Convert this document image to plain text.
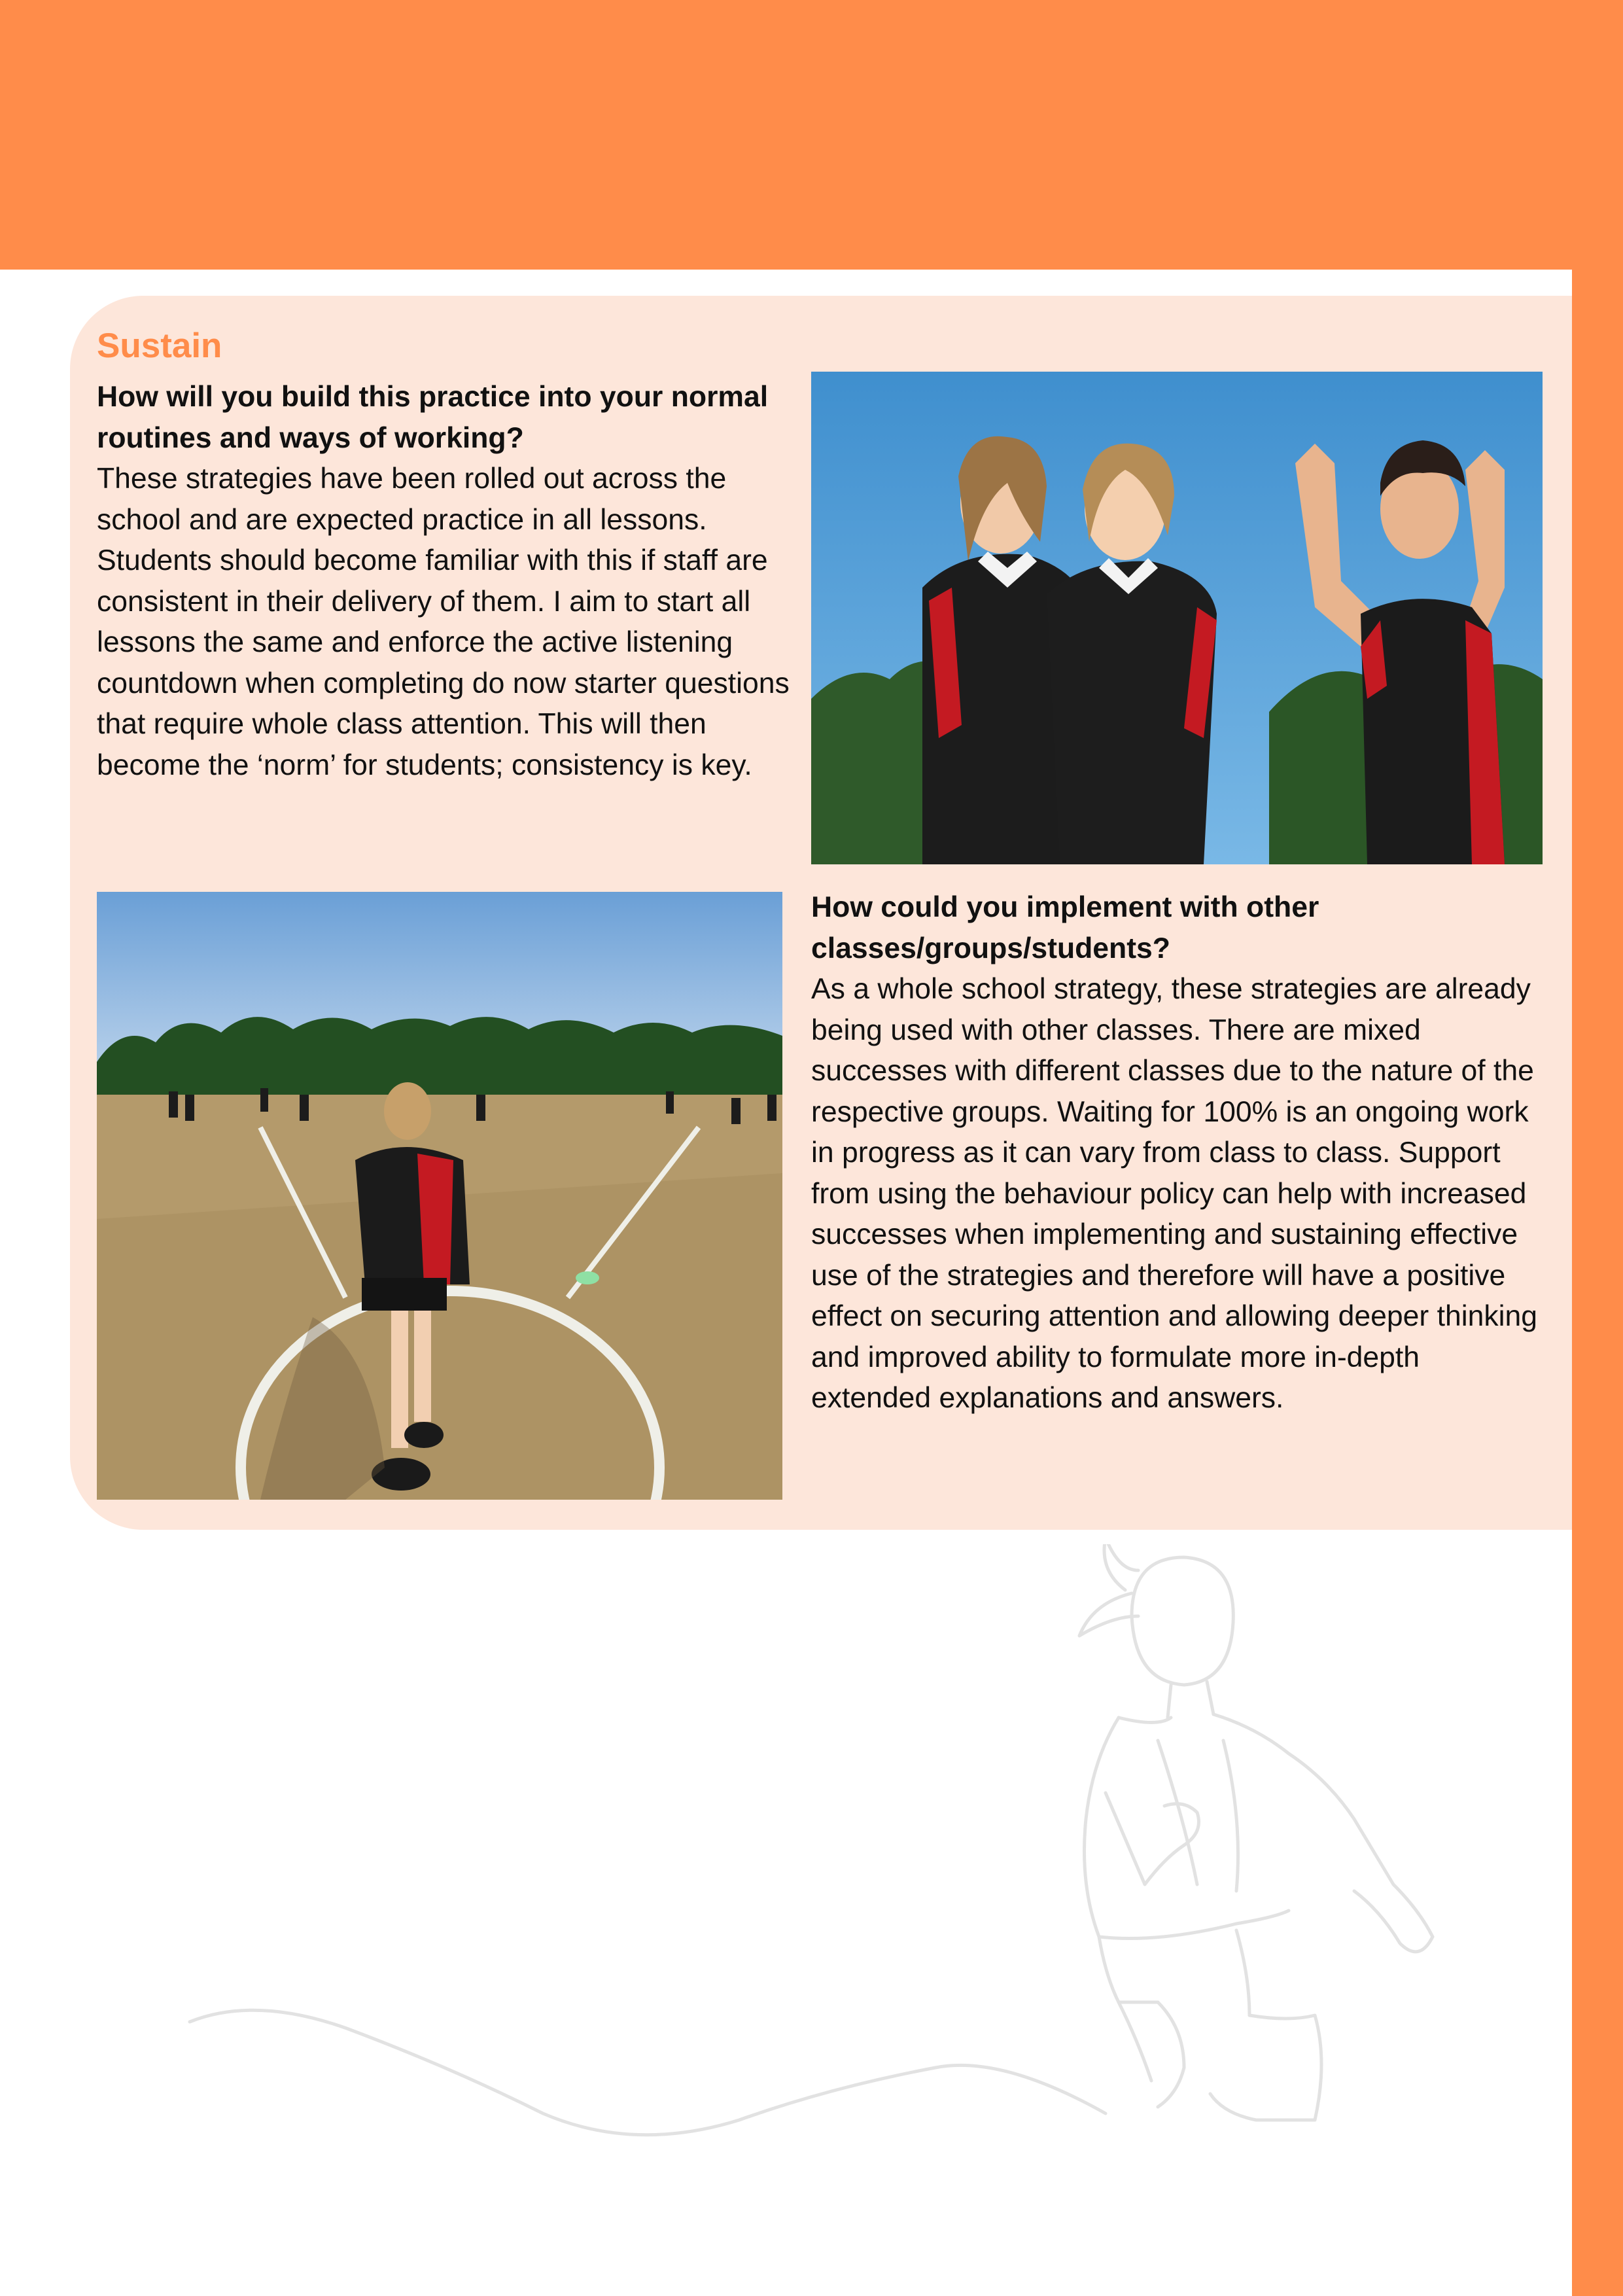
Sustain
How will you build this practice into your normal routines and ways of working?
These strategies have been rolled out across the school and are expected practice in all lessons. Students should become familiar with this if staff are consistent in their delivery of them. I aim to start all lessons the same and enforce the active listening countdown when completing do now starter questions that require whole class attention. This will then become the ‘norm’ for students; consistency is key.
How could you implement with other classes/groups/students?
As a whole school strategy, these strategies are already being used with other classes. There are mixed successes with different classes due to the nature of the respective groups. Waiting for 100% is an ongoing work in progress as it can vary from class to class. Support from using the behaviour policy can help with increased successes when implementing and sustaining effective use of the strategies and therefore will have a positive effect on securing attention and allowing deeper thinking and improved ability to formulate more in-depth extended explanations and answers.
